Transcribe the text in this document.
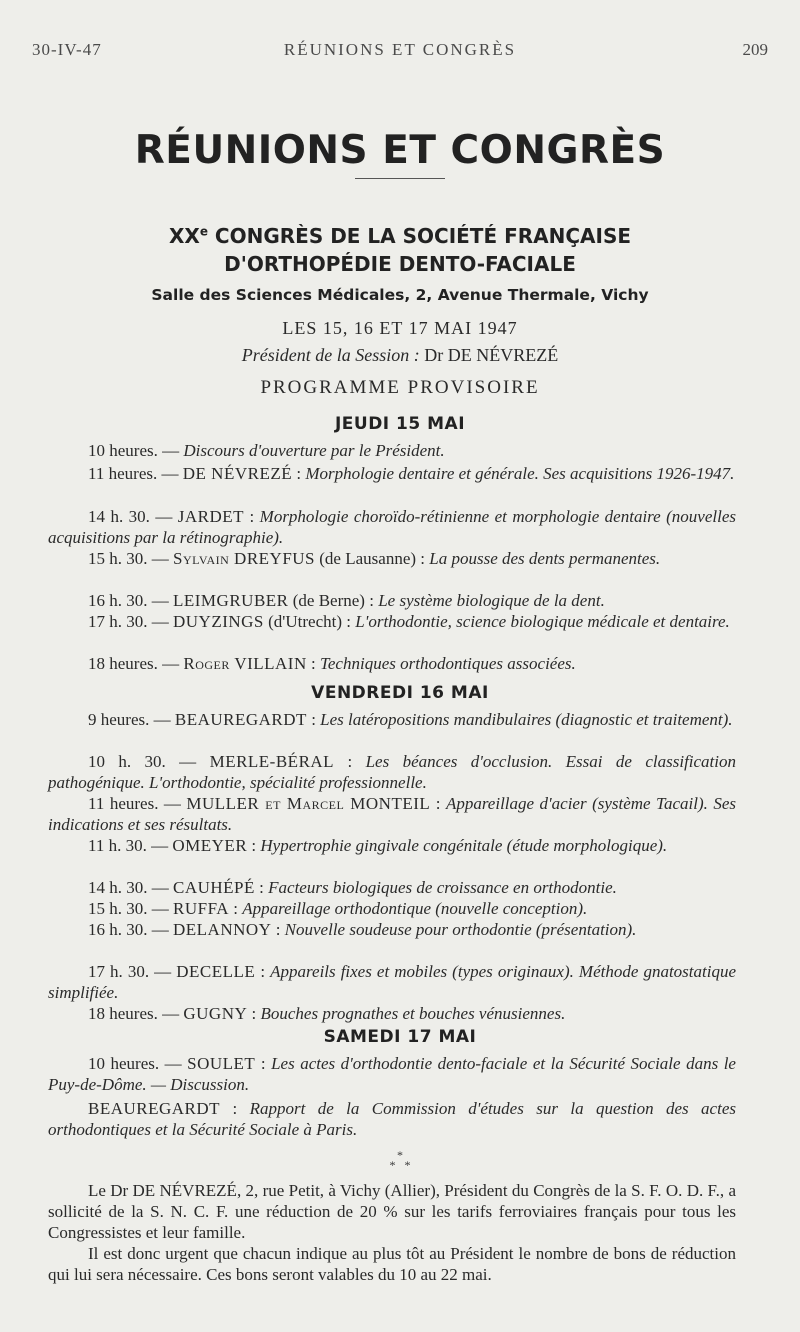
30-IV-47	RÉUNIONS ET CONGRÈS	209
RÉUNIONS ET CONGRÈS
XXe CONGRÈS DE LA SOCIÉTÉ FRANÇAISE
D'ORTHOPÉDIE DENTO-FACIALE
Salle des Sciences Médicales, 2, Avenue Thermale, Vichy
LES 15, 16 ET 17 MAI 1947
Président de la Session : Dr DE NÉVREZÉ
PROGRAMME PROVISOIRE
JEUDI 15 MAI
10 heures. — Discours d'ouverture par le Président.
11 heures. — DE NÉVREZÉ : Morphologie dentaire et générale. Ses acquisitions 1926-1947.
14 h. 30. — JARDET : Morphologie choroïdo-rétinienne et morphologie dentaire (nouvelles acquisitions par la rétinographie).
15 h. 30. — Sylvain DREYFUS (de Lausanne) : La pousse des dents permanentes.
16 h. 30. — LEIMGRUBER (de Berne) : Le système biologique de la dent.
17 h. 30. — DUYZINGS (d'Utrecht) : L'orthodontie, science biologique médicale et dentaire.
18 heures. — Roger VILLAIN : Techniques orthodontiques associées.
VENDREDI 16 MAI
9 heures. — BEAUREGARDT : Les latéropositions mandibulaires (diagnostic et traitement).
10 h. 30. — MERLE-BÉRAL : Les béances d'occlusion. Essai de classification pathogénique. L'orthodontie, spécialité professionnelle.
11 heures. — MULLER et Marcel MONTEIL : Appareillage d'acier (système Tacail). Ses indications et ses résultats.
11 h. 30. — OMEYER : Hypertrophie gingivale congénitale (étude morphologique).
14 h. 30. — CAUHÉPÉ : Facteurs biologiques de croissance en orthodontie.
15 h. 30. — RUFFA : Appareillage orthodontique (nouvelle conception).
16 h. 30. — DELANNOY : Nouvelle soudeuse pour orthodontie (présentation).
17 h. 30. — DECELLE : Appareils fixes et mobiles (types originaux). Méthode gnatostatique simplifiée.
18 heures. — GUGNY : Bouches prognathes et bouches vénusiennes.
SAMEDI 17 MAI
10 heures. — SOULET : Les actes d'orthodontie dento-faciale et la Sécurité Sociale dans le Puy-de-Dôme. — Discussion.
BEAUREGARDT : Rapport de la Commission d'études sur la question des actes orthodontiques et la Sécurité Sociale à Paris.
*
* *
Le Dr DE NÉVREZÉ, 2, rue Petit, à Vichy (Allier), Président du Congrès de la S. F. O. D. F., a sollicité de la S. N. C. F. une réduction de 20 % sur les tarifs ferroviaires français pour tous les Congressistes et leur famille.
Il est donc urgent que chacun indique au plus tôt au Président le nombre de bons de réduction qui lui sera nécessaire. Ces bons seront valables du 10 au 22 mai.
